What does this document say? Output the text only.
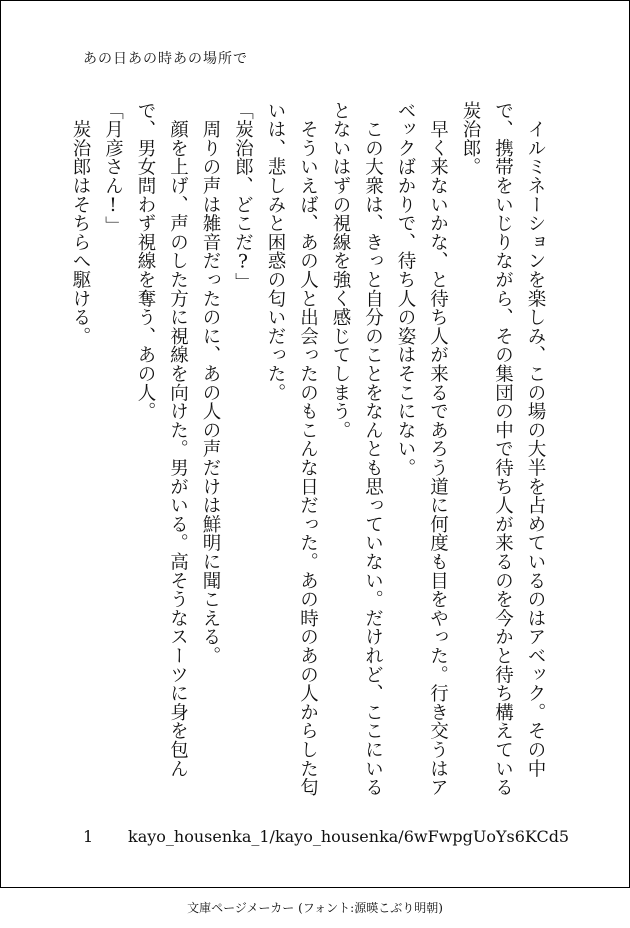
あの日あの時あの場所で

　イルミネーションを楽しみ、この場の大半を占めているのはアベック。その中で、携帯をいじりながら、その集団の中で待ち人が来るのを今かと待ち構えている炭治郎。

　早く来ないかな、と待ち人が来るであろう道に何度も目をやった。行き交うはアベックばかりで、待ち人の姿はそこにない。

　この大衆は、きっと自分のことをなんとも思っていない。だけれど、ここにいるとないはずの視線を強く感じてしまう。

　そういえば、あの人と出会ったのもこんな日だった。あの時のあの人からした匂いは、悲しみと困惑の匂いだった。

「炭治郎、どこだ?」

　周りの声は雑音だったのに、あの人の声だけは鮮明に聞こえる。

　顔を上げ、声のした方に視線を向けた。男がいる。高そうなスーツに身を包んで、男女問わず視線を奪う、あの人。

「月彦さん!」

　炭治郎はそちらへ駆ける。

1 kayo_housenka_1/kayo_housenka/6wFwpgUoYs6KCd5
文庫ページメーカー (フォント:源暎こぶり明朝)
